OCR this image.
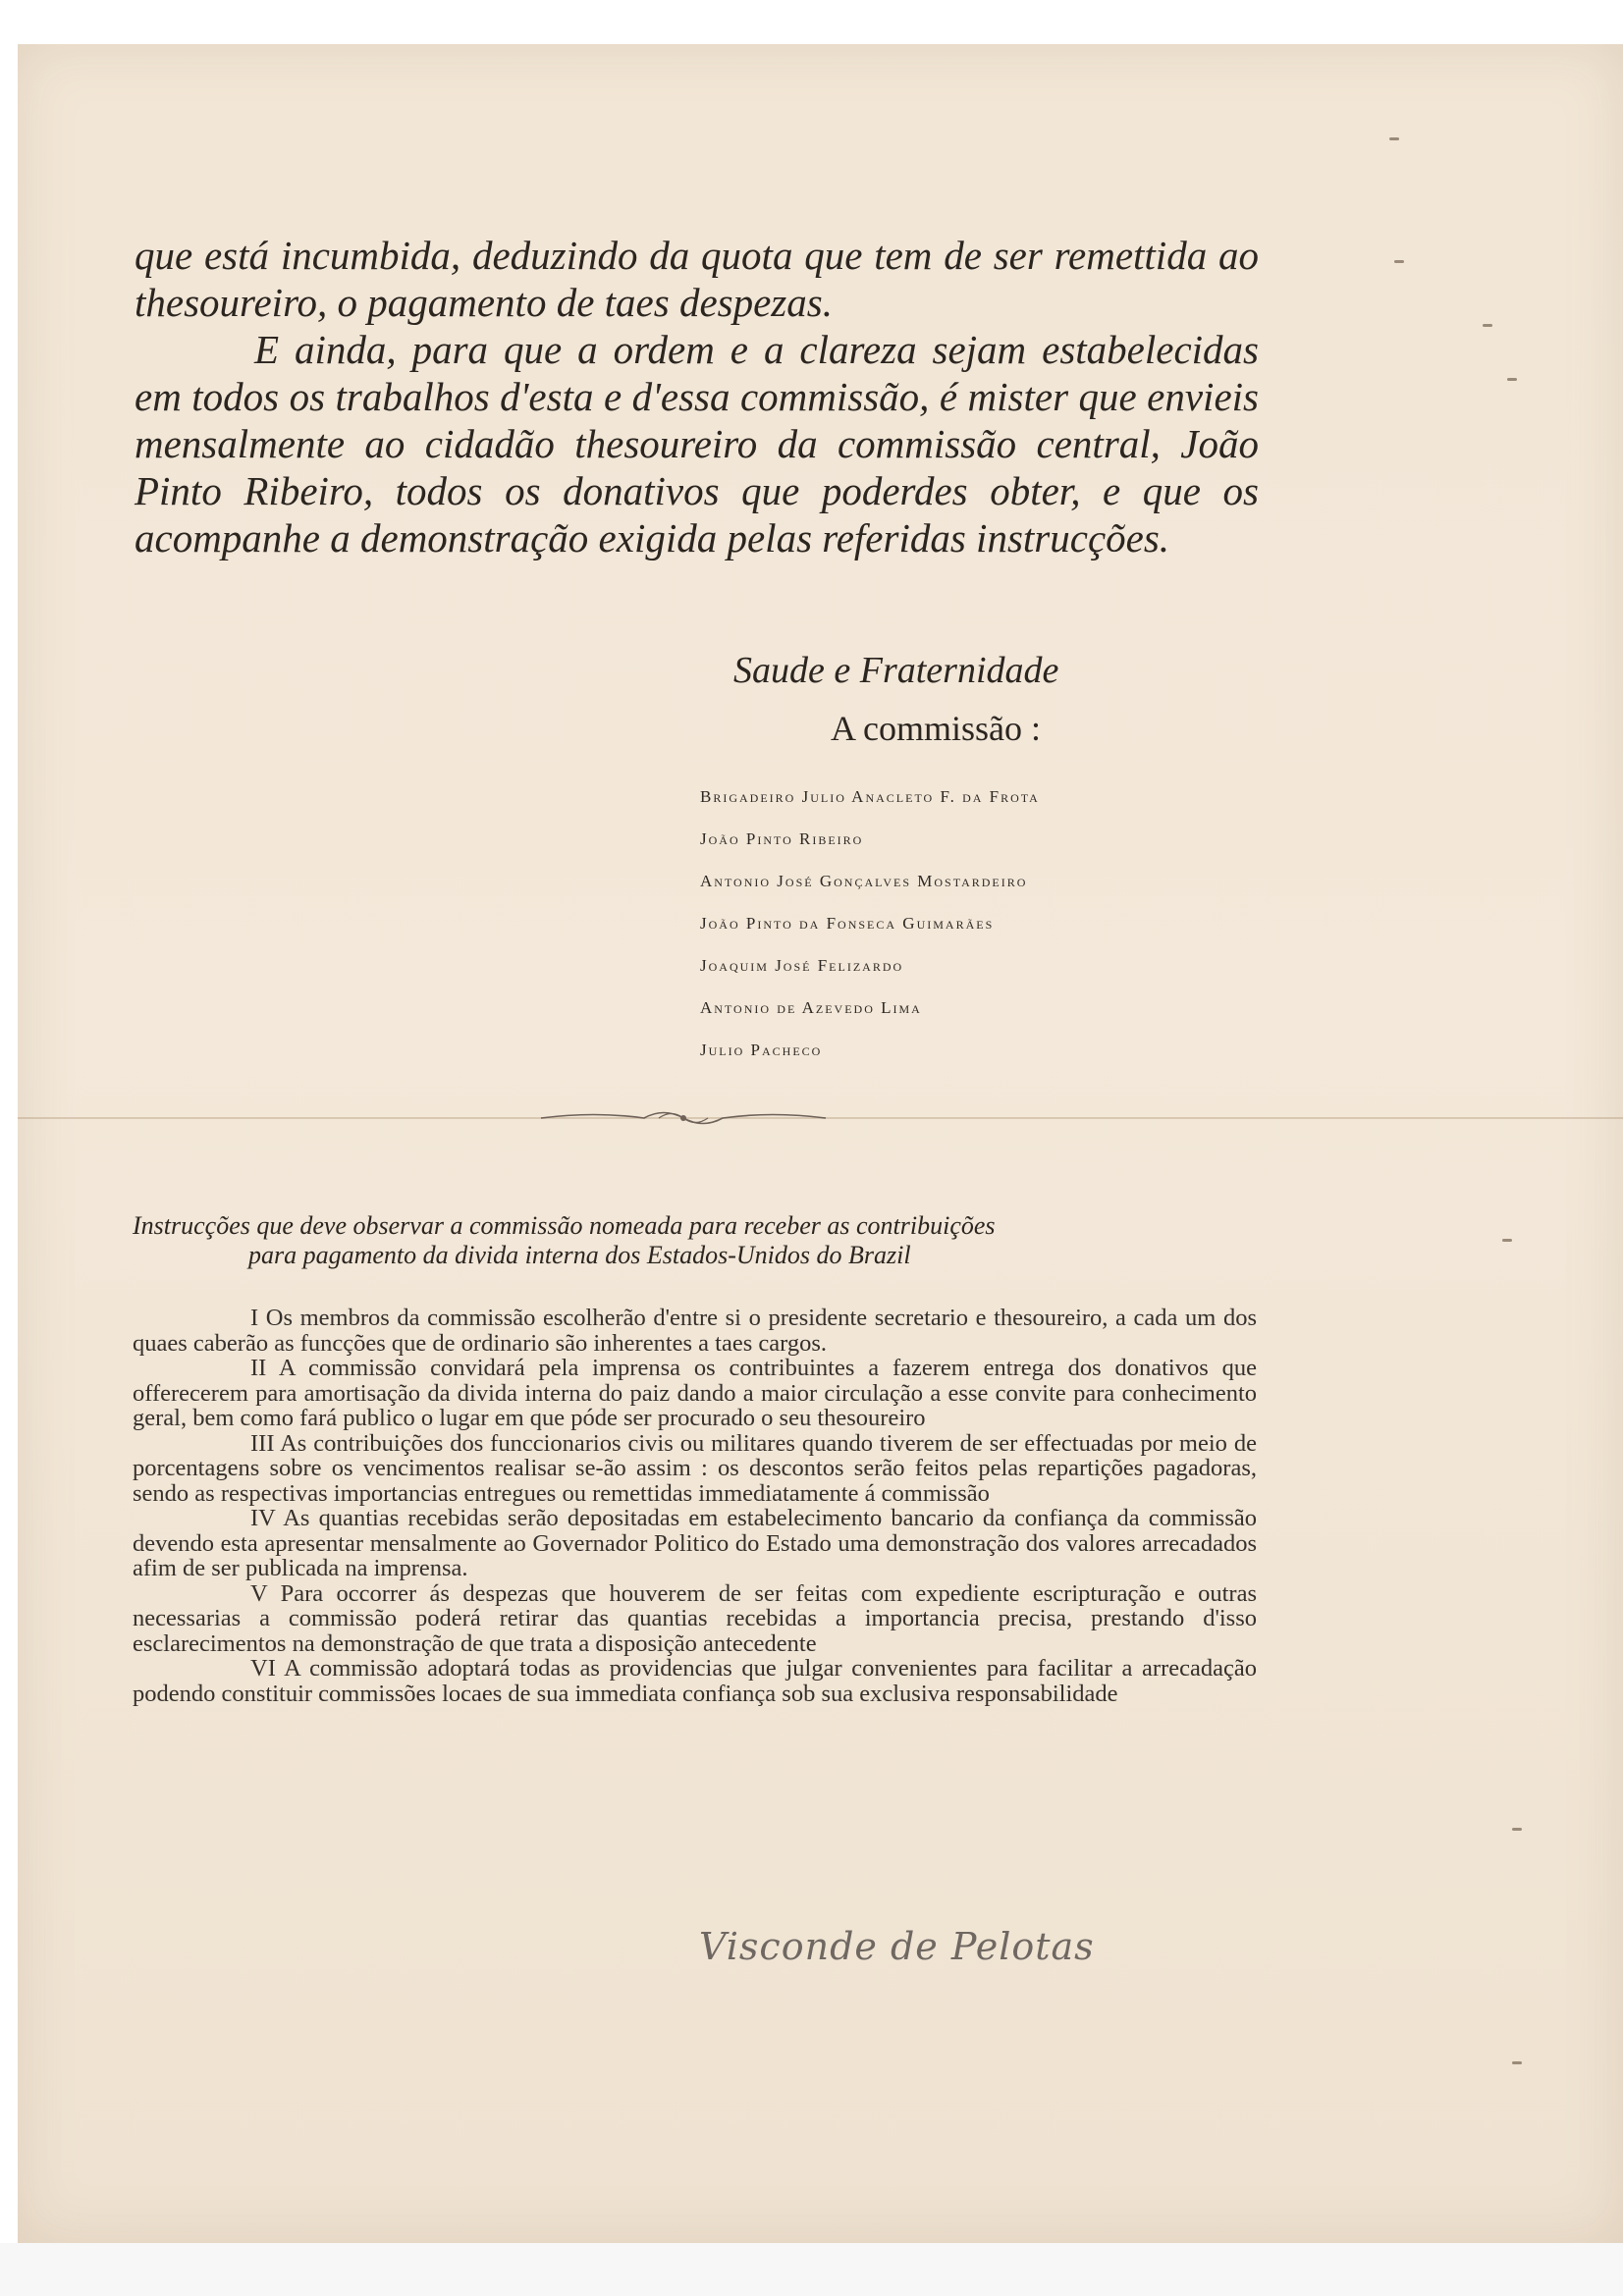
que está incumbida, deduzindo da quota que tem de ser remettida ao thesoureiro, o pagamento de taes despezas.

E ainda, para que a ordem e a clareza sejam estabelecidas em todos os trabalhos d'esta e d'essa commissão, é mister que envieis mensalmente ao cidadão thesoureiro da commissão central, João Pinto Ribeiro, todos os donativos que poderdes obter, e que os acompanhe a demonstração exigida pelas referidas instrucções.

Saude e Fraternidade
A commissão :
Brigadeiro Julio Anacleto F. da Frota
João Pinto Ribeiro
Antonio José Gonçalves Mostardeiro
João Pinto da Fonseca Guimarães
Joaquim José Felizardo
Antonio de Azevedo Lima
Julio Pacheco
Instrucções que deve observar a commissão nomeada para receber as contribuições
para pagamento da divida interna dos Estados-Unidos do Brazil

I Os membros da commissão escolherão d'entre si o presidente secretario e thesoureiro, a cada um dos quaes caberão as funcções que de ordinario são inherentes a taes cargos.

II A commissão convidará pela imprensa os contribuintes a fazerem entrega dos donativos que offerecerem para amortisação da divida interna do paiz dando a maior circulação a esse convite para conhecimento geral, bem como fará publico o lugar em que póde ser procurado o seu thesoureiro

III As contribuições dos funccionarios civis ou militares quando tiverem de ser effectuadas por meio de porcentagens sobre os vencimentos realisar se-ão assim : os descontos serão feitos pelas repartições pagadoras, sendo as respectivas importancias entregues ou remettidas immediatamente á commissão

IV As quantias recebidas serão depositadas em estabelecimento bancario da confiança da commissão devendo esta apresentar mensalmente ao Governador Politico do Estado uma demonstração dos valores arrecadados afim de ser publicada na imprensa.

V Para occorrer ás despezas que houverem de ser feitas com expediente escripturação e outras necessarias a commissão poderá retirar das quantias recebidas a importancia precisa, prestando d'isso esclarecimentos na demonstração de que trata a disposição antecedente

VI A commissão adoptará todas as providencias que julgar convenientes para facilitar a arrecadação podendo constituir commissões locaes de sua immediata confiança sob sua exclusiva responsabilidade

Visconde de Pelotas
